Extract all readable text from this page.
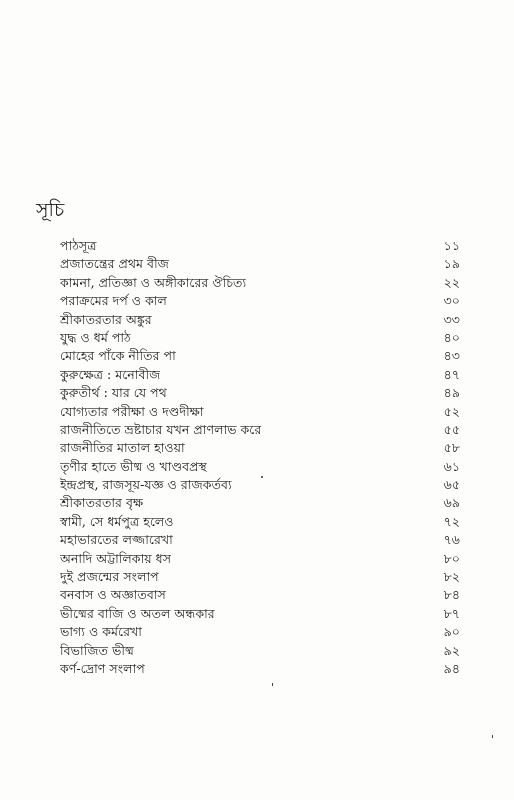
সূচি
পাঠসূত্র	১১
প্রজাতন্ত্রের প্রথম বীজ	১৯
কামনা, প্রতিজ্ঞা ও অঙ্গীকারের ঔচিত্য	২২
পরাক্রমের দর্প ও কাল	৩০
শ্রীকাতরতার অঙ্কুর	৩৩
যুদ্ধ ও ধর্ম পাঠ	৪০
মোহের পাঁকে নীতির পা	৪৩
কুরুক্ষেত্র : মনোবীজ	৪৭
কুরুতীর্থ : যার যে পথ	৪৯
যোগ্যতার পরীক্ষা ও দণ্ডদীক্ষা	৫২
রাজনীতিতে ভ্রষ্টাচার যখন প্রাণলাভ করে	৫৫
রাজনীতির মাতাল হাওয়া	৫৮
তৃণীর হাতে ভীষ্ম ও খাণ্ডবপ্রস্থ	৬১
ইন্দ্রপ্রস্থ, রাজসূয়-যজ্ঞ ও রাজকর্তব্য	৬৫
শ্রীকাতরতার বৃক্ষ	৬৯
স্বামী, সে ধর্মপুত্র হলেও	৭২
মহাভারতের লজ্জারেখা	৭৬
অনাদি অট্টালিকায় ধস	৮০
দুই প্রজন্মের সংলাপ	৮২
বনবাস ও অজ্ঞাতবাস	৮৪
ভীষ্মের বাজি ও অতল অন্ধকার	৮৭
ভাগ্য ও কর্মরেখা	৯০
বিভাজিত ভীষ্ম	৯২
কর্ণ-দ্রোণ সংলাপ	৯৪
